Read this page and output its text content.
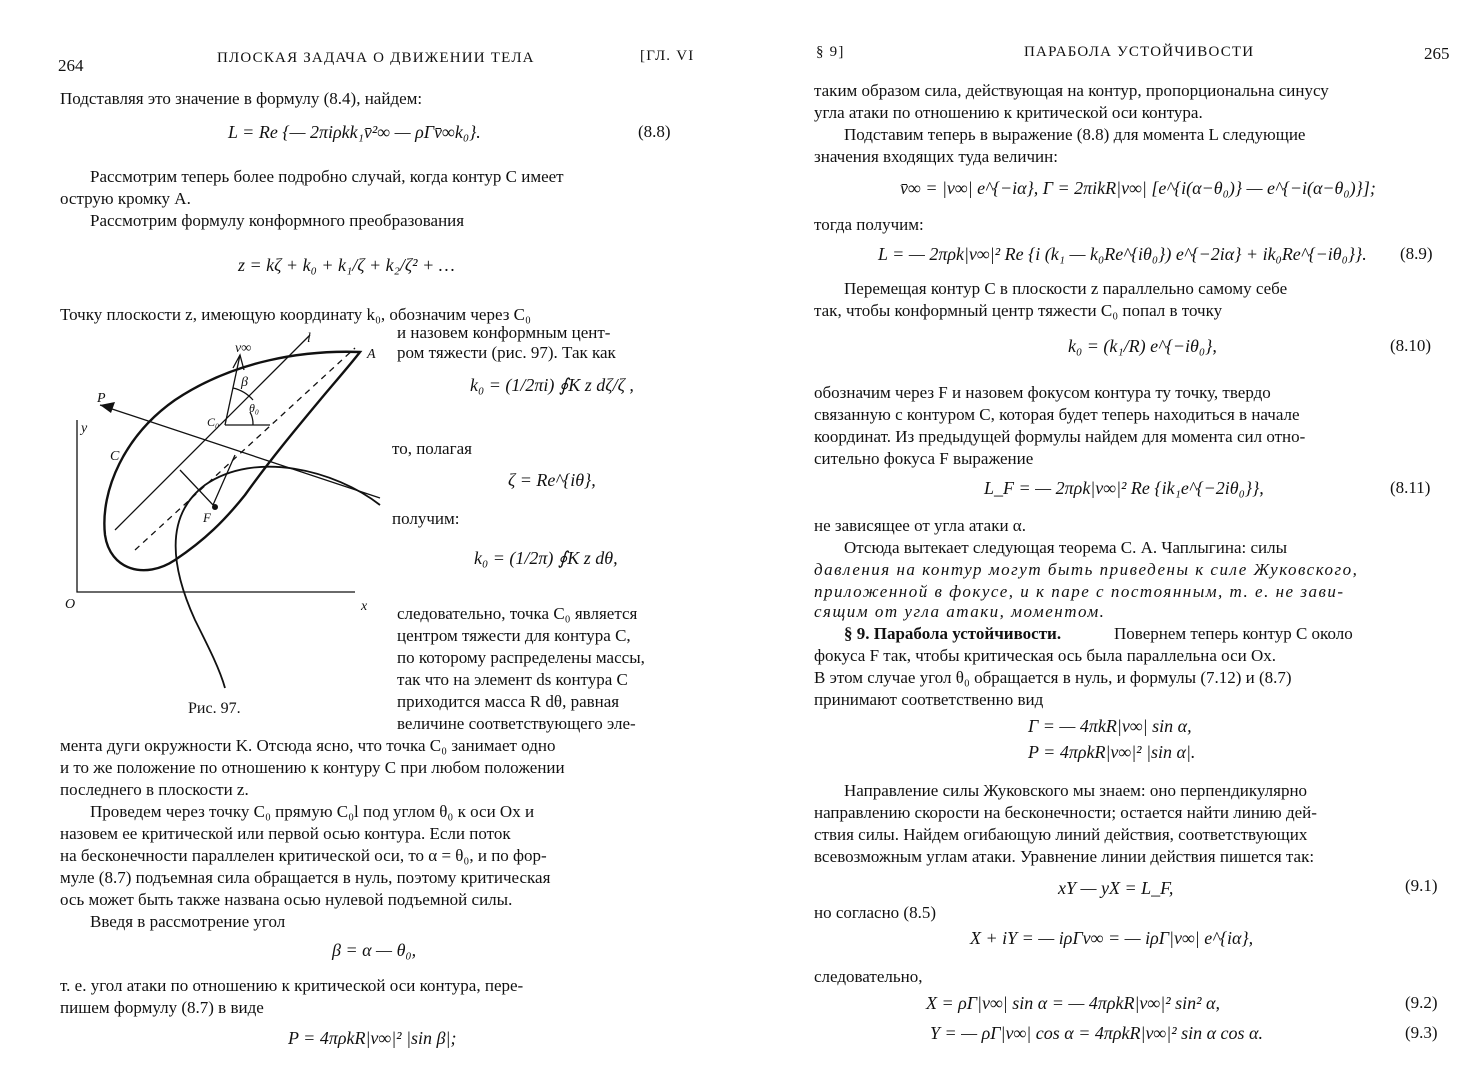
264	ПЛОСКАЯ ЗАДАЧА О ДВИЖЕНИИ ТЕЛА	[ГЛ. VI
Подставляя это значение в формулу (8.4), найдем:
L = Re {— 2πiρkk₁v̄²∞ — ρΓv̄∞k₀}.	(8.8)
Рассмотрим теперь более подробно случай, когда контур C имеет
острую кромку A.
Рассмотрим формулу конформного преобразования
z = kζ + k₀ + k₁/ζ + k₂/ζ² + …
Точку плоскости z, имеющую координату k₀, обозначим через C₀
и назовем конформным цент-
ром тяжести (рис. 97). Так как
k₀ = (1/2πi) ∮K z dζ/ζ ,
то, полагая
ζ = Re^{iθ},
получим:
k₀ = (1/2π) ∮K z dθ,
следовательно, точка C₀ является
центром тяжести для контура C,
по которому распределены массы,
так что на элемент ds контура C
приходится масса R dθ, равная
величине соответствующего эле-
мента дуги окружности K. Отсюда ясно, что точка C₀ занимает одно
и то же положение по отношению к контуру C при любом положении
последнего в плоскости z.
Проведем через точку C₀ прямую C₀l под углом θ₀ к оси Ox и
назовем ее критической или первой осью контура. Если поток
на бесконечности параллелен критической оси, то α = θ₀, и по фор-
муле (8.7) подъемная сила обращается в нуль, поэтому критическая
ось может быть также названа осью нулевой подъемной силы.
Введя в рассмотрение угол
β = α — θ₀,
т. е. угол атаки по отношению к критической оси контура, пере-
пишем формулу (8.7) в виде
P = 4πρkR|v∞|² |sin β|;
v∞
l
A
β
P
θ₀
C₀
y
C
F
O	x
Рис. 97.
§ 9]	ПАРАБОЛА УСТОЙЧИВОСТИ	265
таким образом сила, действующая на контур, пропорциональна синусу
угла атаки по отношению к критической оси контура.
Подставим теперь в выражение (8.8) для момента L следующие
значения входящих туда величин:
v̄∞ = |v∞| e^{−iα}, Γ = 2πikR|v∞| [e^{i(α−θ₀)} — e^{−i(α−θ₀)}];
тогда получим:
L = — 2πρk|v∞|² Re {i (k₁ — k₀Re^{iθ₀}) e^{−2iα} + ik₀Re^{−iθ₀}}. (8.9)
Перемещая контур C в плоскости z параллельно самому себе
так, чтобы конформный центр тяжести C₀ попал в точку
k₀ = (k₁/R) e^{−iθ₀},	(8.10)
обозначим через F и назовем фокусом контура ту точку, твердо
связанную с контуром C, которая будет теперь находиться в начале
координат. Из предыдущей формулы найдем для момента сил отно-
сительно фокуса F выражение
L_F = — 2πρk|v∞|² Re {ik₁e^{−2iθ₀}},	(8.11)
не зависящее от угла атаки α.
Отсюда вытекает следующая теорема С. А. Чаплыгина: силы
давления на контур могут быть приведены к силе Жуковского,
приложенной в фокусе, и к паре с постоянным, т. е. не зави-
сящим от угла атаки, моментом.
§ 9. Парабола устойчивости.	Повернем теперь контур C около
фокуса F так, чтобы критическая ось была параллельна оси Ox.
В этом случае угол θ₀ обращается в нуль, и формулы (7.12) и (8.7)
принимают соответственно вид
Γ = — 4πkR|v∞| sin α,
P = 4πρkR|v∞|² |sin α|.
Направление силы Жуковского мы знаем: оно перпендикулярно
направлению скорости на бесконечности; остается найти линию дей-
ствия силы. Найдем огибающую линий действия, соответствующих
всевозможным углам атаки. Уравнение линии действия пишется так:
xY — yX = L_F,	(9.1)
но согласно (8.5)
X + iY = — iρΓv∞ = — iρΓ|v∞| e^{iα},
следовательно,
X = ρΓ|v∞| sin α = — 4πρkR|v∞|² sin² α,	(9.2)
Y = — ρΓ|v∞| cos α = 4πρkR|v∞|² sin α cos α.	(9.3)
